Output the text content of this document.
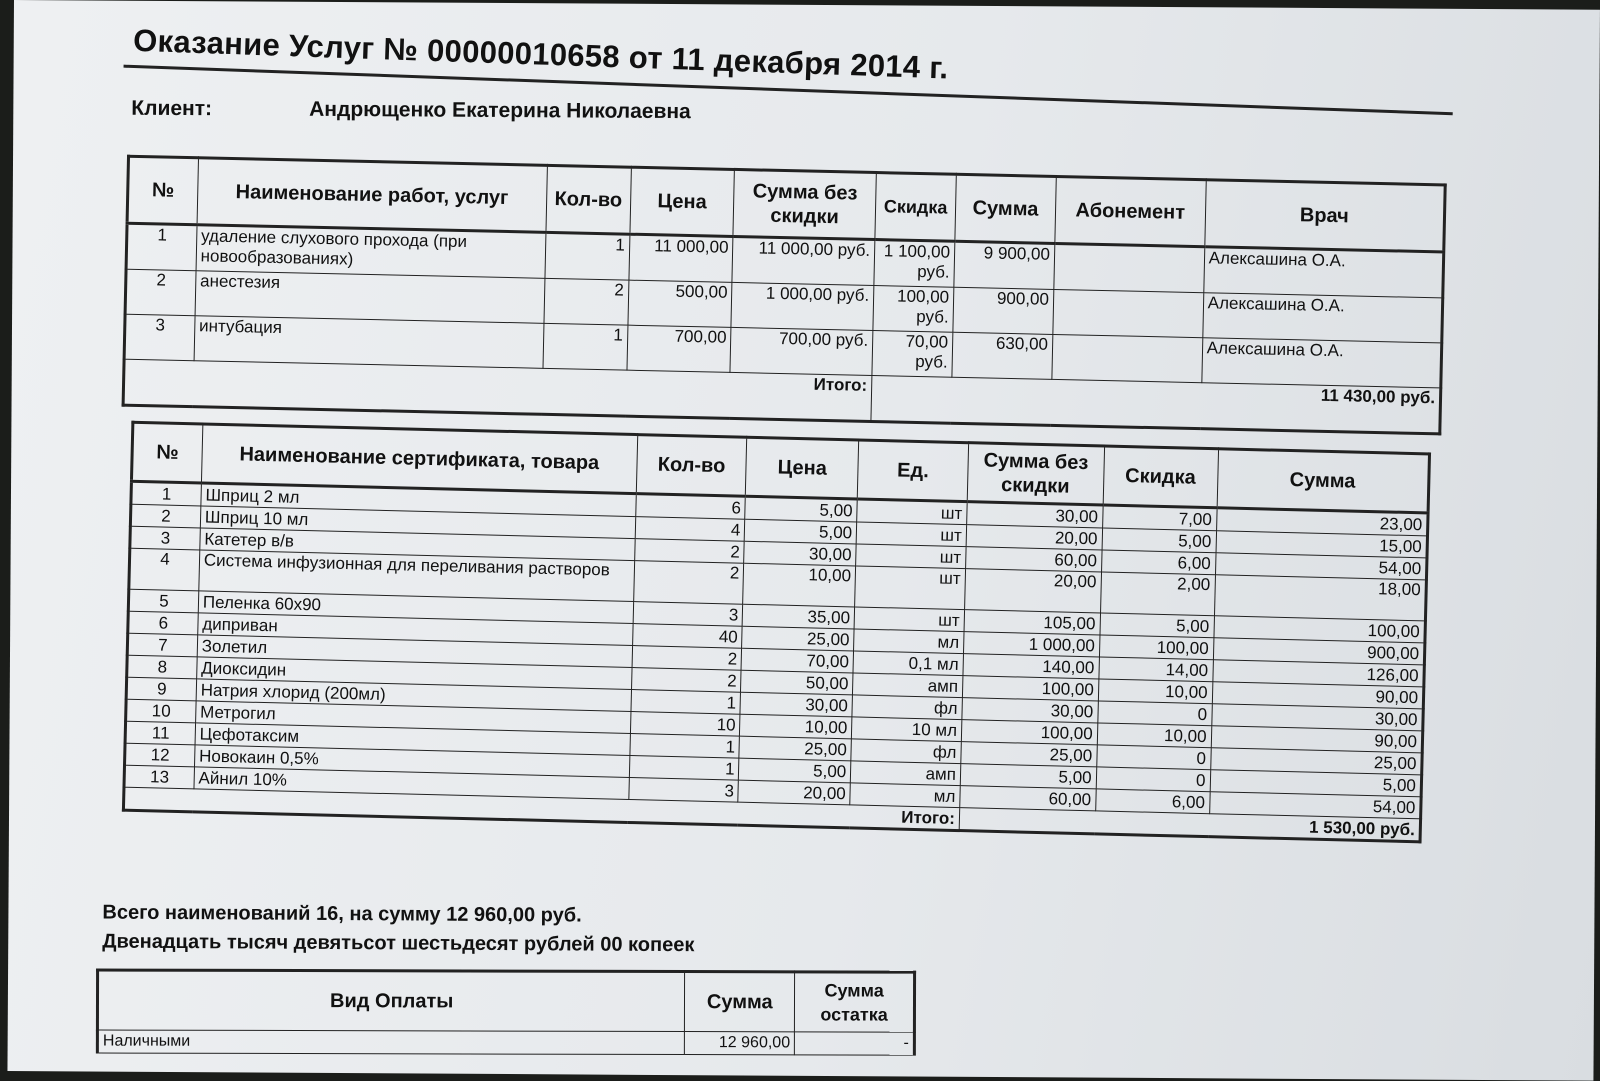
Оказание Услуг № 00000010658 от 11 декабря 2014 г.
Клиент:	Андрющенко Екатерина Николаевна
№	Наименование работ, услуг	Кол-во	Цена	Сумма без скидки	Скидка	Сумма	Абонемент	Врач
1	удаление слухового прохода (при новообразованиях)	1	11 000,00	11 000,00 руб.	1 100,00 руб.	9 900,00		Алексашина О.А.
2	анестезия	2	500,00	1 000,00 руб.	100,00 руб.	900,00		Алексашина О.А.
3	интубация	1	700,00	700,00 руб.	70,00 руб.	630,00		Алексашина О.А.
Итого:					11 430,00 руб.			
№	Наименование сертификата, товара	Кол-во	Цена	Ед.	Сумма без скидки	Скидка	Сумма
1	Шприц 2 мл	6	5,00	шт	30,00	7,00	23,00
2	Шприц 10 мл	4	5,00	шт	20,00	5,00	15,00
3	Катетер в/в	2	30,00	шт	60,00	6,00	54,00
4	Система инфузионная для переливания растворов	2	10,00	шт	20,00	2,00	18,00
5	Пеленка 60х90	3	35,00	шт	105,00	5,00	100,00
6	дипривaн	40	25,00	мл	1 000,00	100,00	900,00
7	Золетил	2	70,00	0,1 мл	140,00	14,00	126,00
8	Диоксидин	2	50,00	амп	100,00	10,00	90,00
9	Натрия хлорид (200мл)	1	30,00	фл	30,00	0	30,00
10	Метрогил	10	10,00	10 мл	100,00	10,00	90,00
11	Цефотаксим	1	25,00	фл	25,00	0	25,00
12	Новокаин 0,5%	1	5,00	амп	5,00	0	5,00
13	Айнил 10%	3	20,00	мл	60,00	6,00	54,00
Итого:					1 530,00 руб.		
Всего наименований 16, на сумму 12 960,00 руб.
Двенадцать тысяч девятьсот шестьдесят рублей 00 копеек
Вид Оплаты	Сумма	Сумма остатка
Наличными	12 960,00	-
